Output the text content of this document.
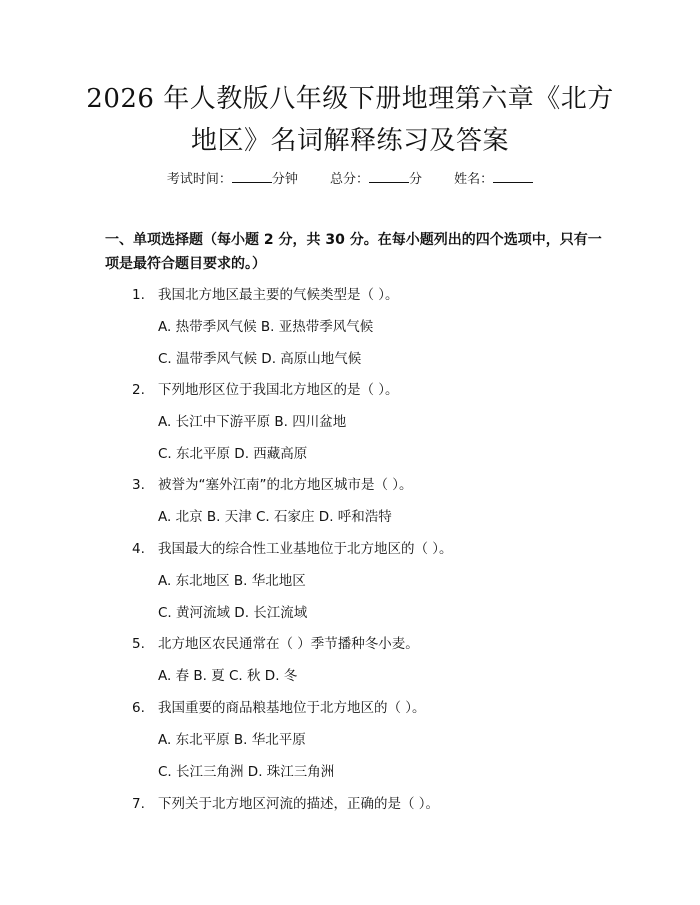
2026 年人教版八年级下册地理第六章《北方
地区》名词解释练习及答案
考试时间：	分钟 总分：	分 姓名：
一、单项选择题（每小题 2 分，共 30 分。在每小题列出的四个选项中，只有一项是最符合题目要求的。）
1. 我国北方地区最主要的气候类型是（ ）。
A. 热带季风气候 B. 亚热带季风气候
C. 温带季风气候 D. 高原山地气候
2. 下列地形区位于我国北方地区的是（ ）。
A. 长江中下游平原 B. 四川盆地
C. 东北平原 D. 西藏高原
3. 被誉为“塞外江南”的北方地区城市是（ ）。
A. 北京 B. 天津 C. 石家庄 D. 呼和浩特
4. 我国最大的综合性工业基地位于北方地区的（ ）。
A. 东北地区 B. 华北地区
C. 黄河流域 D. 长江流域
5. 北方地区农民通常在（ ）季节播种冬小麦。
A. 春 B. 夏 C. 秋 D. 冬
6. 我国重要的商品粮基地位于北方地区的（ ）。
A. 东北平原 B. 华北平原
C. 长江三角洲 D. 珠江三角洲
7. 下列关于北方地区河流的描述，正确的是（ ）。
